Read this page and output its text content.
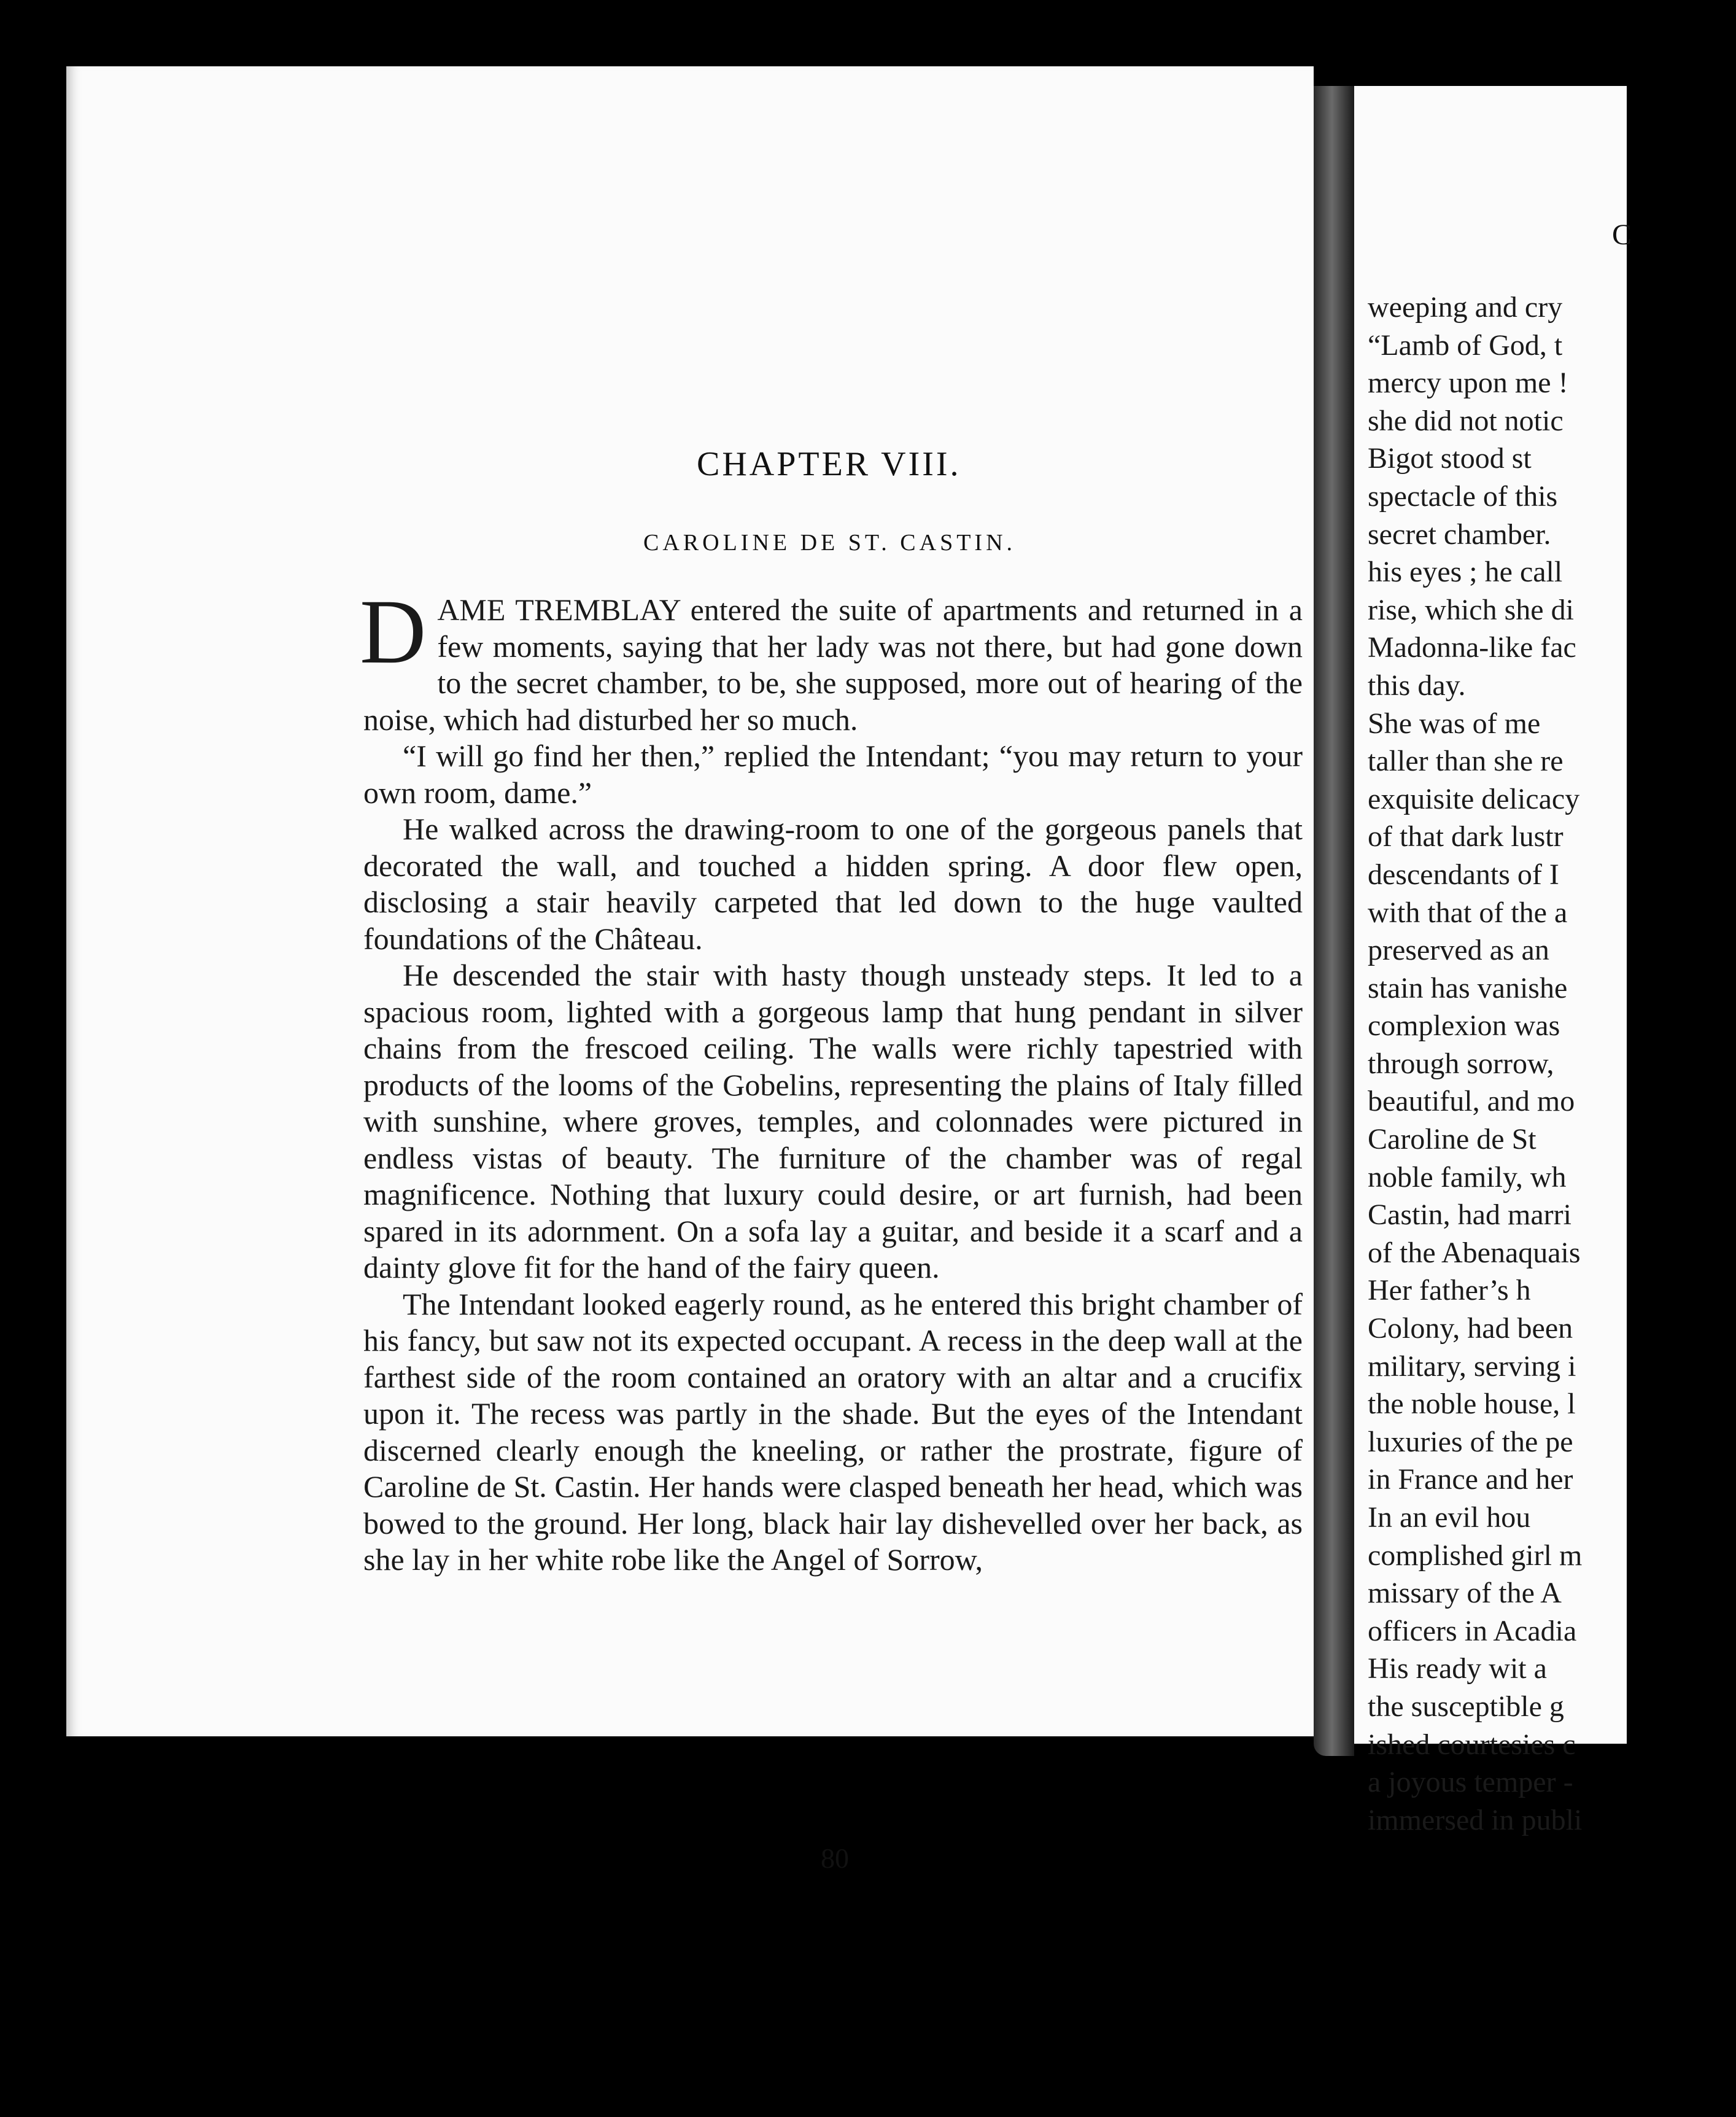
CHAPTER VIII.
CAROLINE DE ST. CASTIN.

DAME TREMBLAY entered the suite of apartments and returned in a few moments, saying that her lady was not there, but had gone down to the secret chamber, to be, she supposed, more out of hearing of the noise, which had disturbed her so much.

“I will go find her then,” replied the Intendant; “you may return to your own room, dame.”

He walked across the drawing-room to one of the gorgeous panels that decorated the wall, and touched a hidden spring. A door flew open, disclosing a stair heavily carpeted that led down to the huge vaulted foundations of the Château.

He descended the stair with hasty though unsteady steps. It led to a spacious room, lighted with a gorgeous lamp that hung pendant in silver chains from the frescoed ceiling. The walls were richly tapestried with products of the looms of the Gobelins, representing the plains of Italy filled with sunshine, where groves, temples, and colonnades were pictured in endless vistas of beauty. The furniture of the chamber was of regal magnificence. Nothing that luxury could desire, or art furnish, had been spared in its adornment. On a sofa lay a guitar, and beside it a scarf and a dainty glove fit for the hand of the fairy queen.

The Intendant looked eagerly round, as he entered this bright chamber of his fancy, but saw not its expected occupant. A recess in the deep wall at the farthest side of the room contained an oratory with an altar and a crucifix upon it. The recess was partly in the shade. But the eyes of the Intendant discerned clearly enough the kneeling, or rather the prostrate, figure of Caroline de St. Castin. Her hands were clasped beneath her head, which was bowed to the ground. Her long, black hair lay dishevelled over her back, as she lay in her white robe like the Angel of Sorrow,

80
C
weeping and cry
“Lamb of God, t
mercy upon me !
she did not notic
Bigot stood st
spectacle of this
secret chamber.
his eyes ; he call
rise, which she di
Madonna-like fac
this day.
She was of me
taller than she re
exquisite delicacy
of that dark lustr
descendants of I
with that of the a
preserved as an
stain has vanishe
complexion was
through sorrow,
beautiful, and mo
Caroline de St
noble family, wh
Castin, had marri
of the Abenaquais
Her father’s h
Colony, had been
military, serving i
the noble house, l
luxuries of the pe
in France and her
In an evil hou
complished girl m
missary of the A
officers in Acadia
His ready wit a
the susceptible g
ished courtesies c
a joyous temper -
immersed in publi
